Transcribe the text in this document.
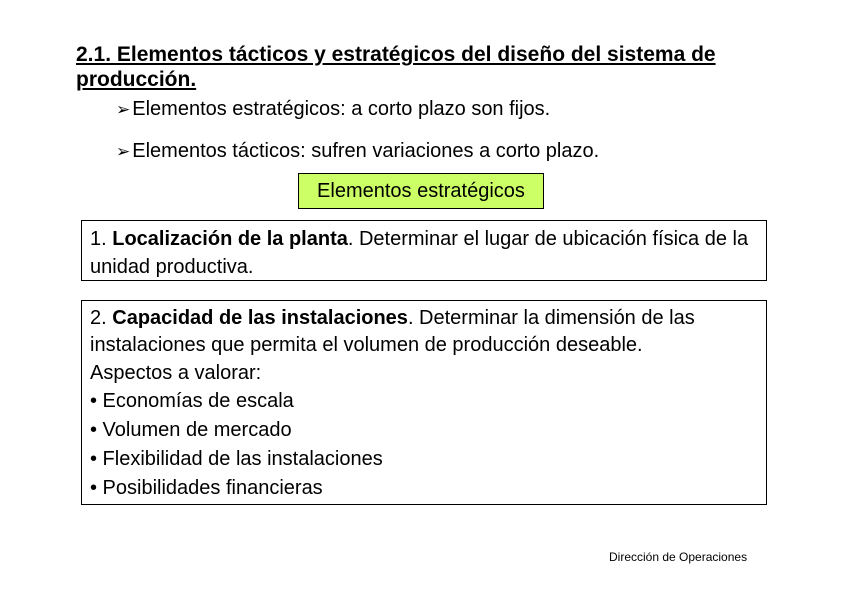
2.1. Elementos tácticos y estratégicos del diseño del sistema de producción.
➢ Elementos estratégicos: a corto plazo son fijos.
➢ Elementos tácticos: sufren variaciones a corto plazo.
Elementos estratégicos
1. Localización de la planta. Determinar el lugar de ubicación física de la unidad productiva.
2. Capacidad de las instalaciones. Determinar la dimensión de las instalaciones que permita el volumen de producción deseable.
Aspectos a valorar:
• Economías de escala
• Volumen de mercado
• Flexibilidad de las instalaciones
• Posibilidades financieras
Dirección de Operaciones
